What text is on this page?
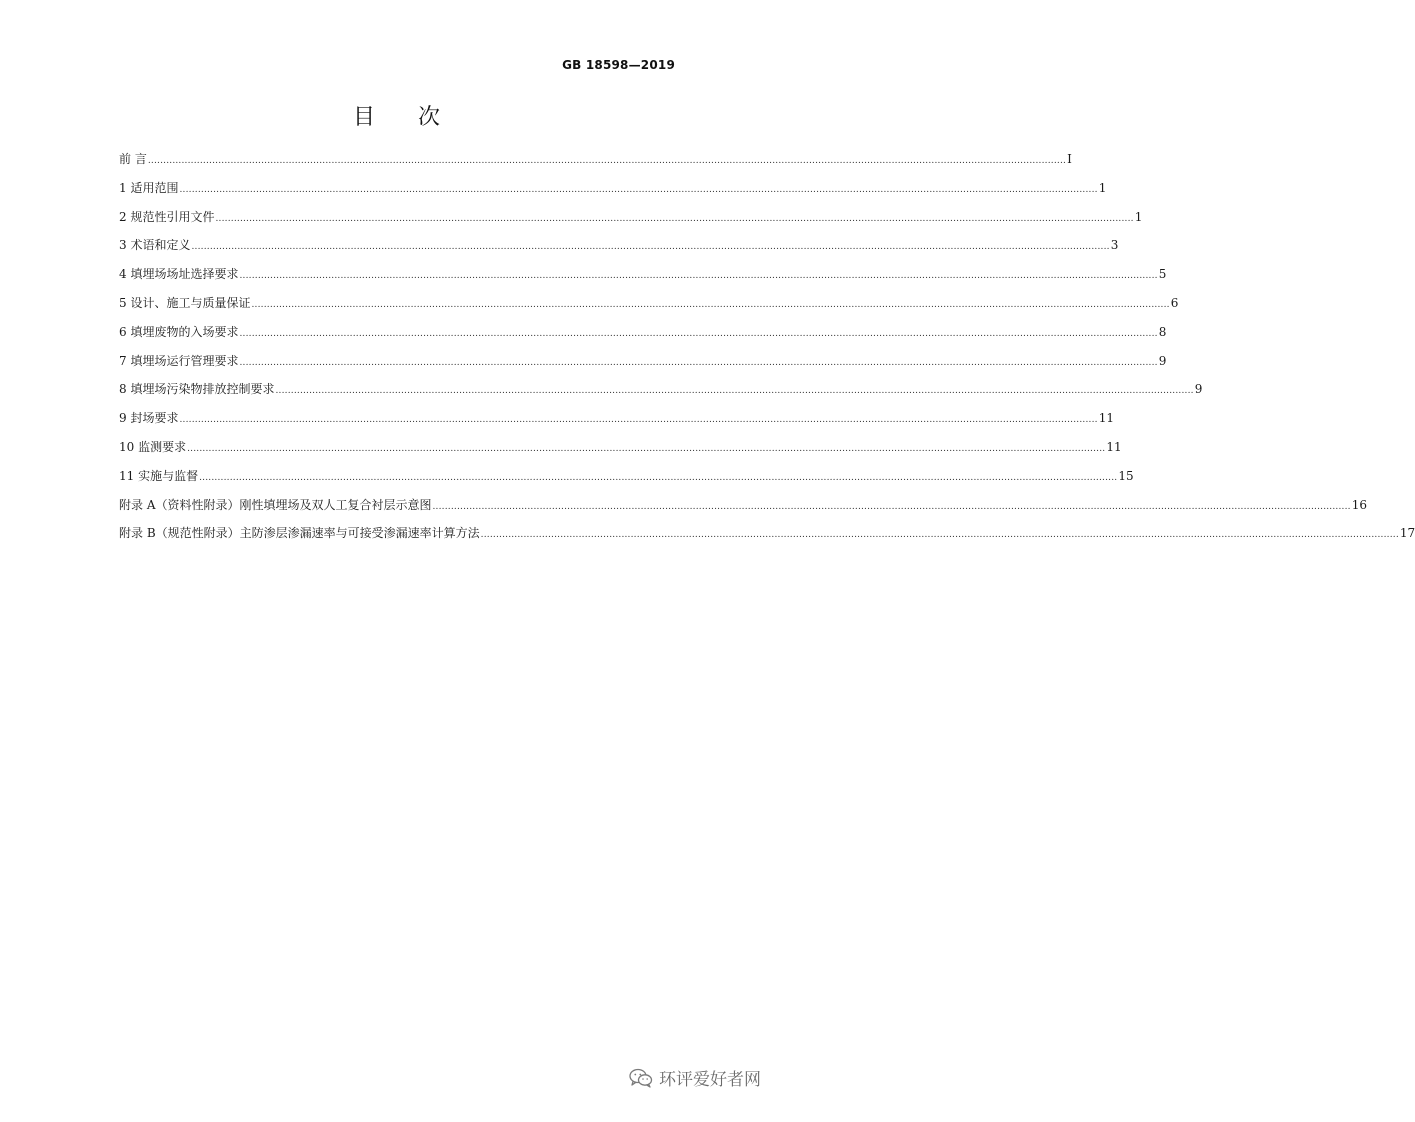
GB 18598—2019
目 次
前 言 ............................................................................................................................................................................................................................................................................................................ I
1 适用范围 ............................................................................................................................................................................................................................................................................................................ 1
2 规范性引用文件 ............................................................................................................................................................................................................................................................................................................ 1
3 术语和定义 ............................................................................................................................................................................................................................................................................................................ 3
4 填埋场场址选择要求 ............................................................................................................................................................................................................................................................................................................ 5
5 设计、施工与质量保证 ............................................................................................................................................................................................................................................................................................................ 6
6 填埋废物的入场要求 ............................................................................................................................................................................................................................................................................................................ 8
7 填埋场运行管理要求 ............................................................................................................................................................................................................................................................................................................ 9
8 填埋场污染物排放控制要求 ............................................................................................................................................................................................................................................................................................................ 9
9 封场要求 ............................................................................................................................................................................................................................................................................................................ 11
10 监测要求 ............................................................................................................................................................................................................................................................................................................ 11
11 实施与监督 ............................................................................................................................................................................................................................................................................................................ 15
附录 A（资料性附录）刚性填埋场及双人工复合衬层示意图 ............................................................................................................................................................................................................................................................................................................ 16
附录 B（规范性附录）主防渗层渗漏速率与可接受渗漏速率计算方法 ............................................................................................................................................................................................................................................................................................................ 17
环评爱好者网
